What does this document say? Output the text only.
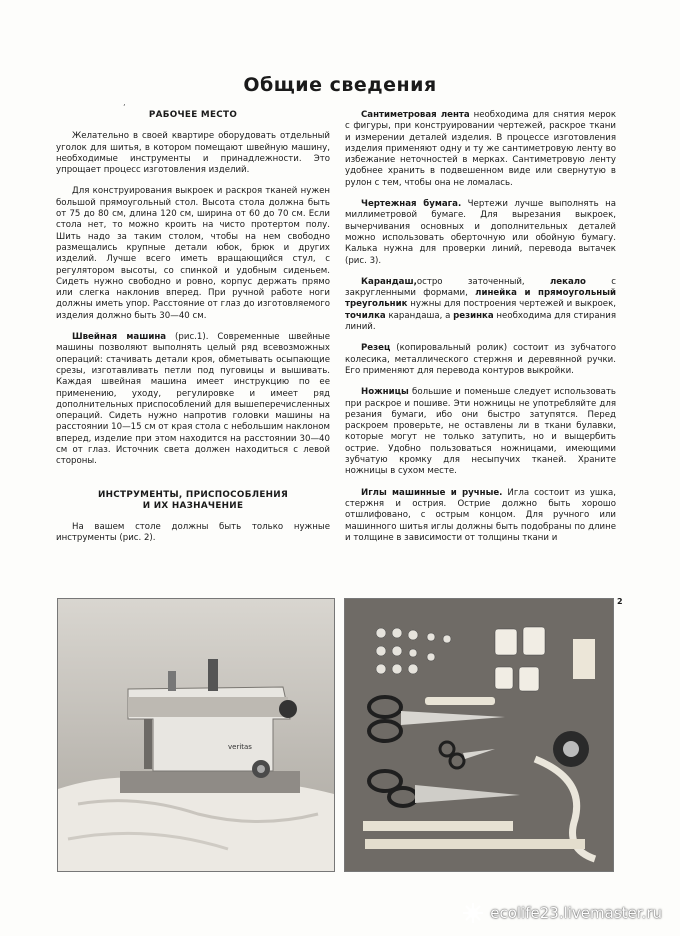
Общие сведения
‚
РАБОЧЕЕ МЕСТО

Желательно в своей квартире оборудовать отдельный уголок для шитья, в котором помещают швейную машину, необходимые инструменты и принадлежности. Это упрощает процесс изготовления изделий.

Для конструирования выкроек и раскроя тканей нужен большой прямоугольный стол. Высота стола должна быть от 75 до 80 см, длина 120 см, ширина от 60 до 70 см. Если стола нет, то можно кроить на чисто протертом полу. Шить надо за таким столом, чтобы на нем свободно размещались крупные детали юбок, брюк и других изделий. Лучше всего иметь вращающийся стул, с регулятором высоты, со спинкой и удобным сиденьем. Сидеть нужно свободно и ровно, корпус держать прямо или слегка наклонив вперед. При ручной работе ноги должны иметь упор. Расстояние от глаз до изготовляемого изделия должно быть 30—40 см.

Швейная машина (рис.1). Современные швейные машины позволяют выполнять целый ряд всевозможных операций: стачивать детали кроя, обметывать осыпающие срезы, изготавливать петли под пуговицы и вышивать. Каждая швейная машина имеет инструкцию по ее применению, уходу, регулировке и имеет ряд дополнительных приспособлений для вышеперечисленных операций. Сидеть нужно напротив головки машины на расстоянии 10—15 см от края стола с небольшим наклоном вперед, изделие при этом находится на расстоянии 30—40 см от глаз. Источник света должен находиться с левой стороны.

ИНСТРУМЕНТЫ, ПРИСПОСОБЛЕНИЯ
И ИХ НАЗНАЧЕНИЕ

На вашем столе должны быть только нужные инструменты (рис. 2).

Сантиметровая лента необходима для снятия мерок с фигуры, при конструировании чертежей, раскрое ткани и измерении деталей изделия. В процессе изготовления изделия применяют одну и ту же сантиметровую ленту во избежание неточностей в мерках. Сантиметровую ленту удобнее хранить в подвешенном виде или свернутую в рулон с тем, чтобы она не ломалась.

Чертежная бумага. Чертежи лучше выполнять на миллиметровой бумаге. Для вырезания выкроек, вычерчивания основных и дополнительных деталей можно использовать оберточную или обойную бумагу. Калька нужна для проверки линий, перевода вытачек (рис. 3).

Карандаш,остро заточенный, лекало с закругленными формами, линейка и прямоугольный треугольник нужны для построения чертежей и выкроек, точилка карандаша, а резинка необходима для стирания линий.

Резец (копировальный ролик) состоит из зубчатого колесика, металлического стержня и деревянной ручки. Его применяют для перевода контуров выкройки.

Ножницы большие и поменьше следует использовать при раскрое и пошиве. Эти ножницы не употребляйте для резания бумаги, ибо они быстро затупятся. Перед раскроем проверьте, не оставлены ли в ткани булавки, которые могут не только затупить, но и выщербить острие. Удобно пользоваться ножницами, имеющими зубчатую кромку для несыпучих тканей. Храните ножницы в сухом месте.

Иглы машинные и ручные. Игла состоит из ушка, стержня и острия. Острие должно быть хорошо отшлифовано, с острым концом. Для ручного или машинного шитья иглы должны быть подобраны по длине и толщине в зависимости от толщины ткани и

2
veritas
ecolife23.livemaster.ru
